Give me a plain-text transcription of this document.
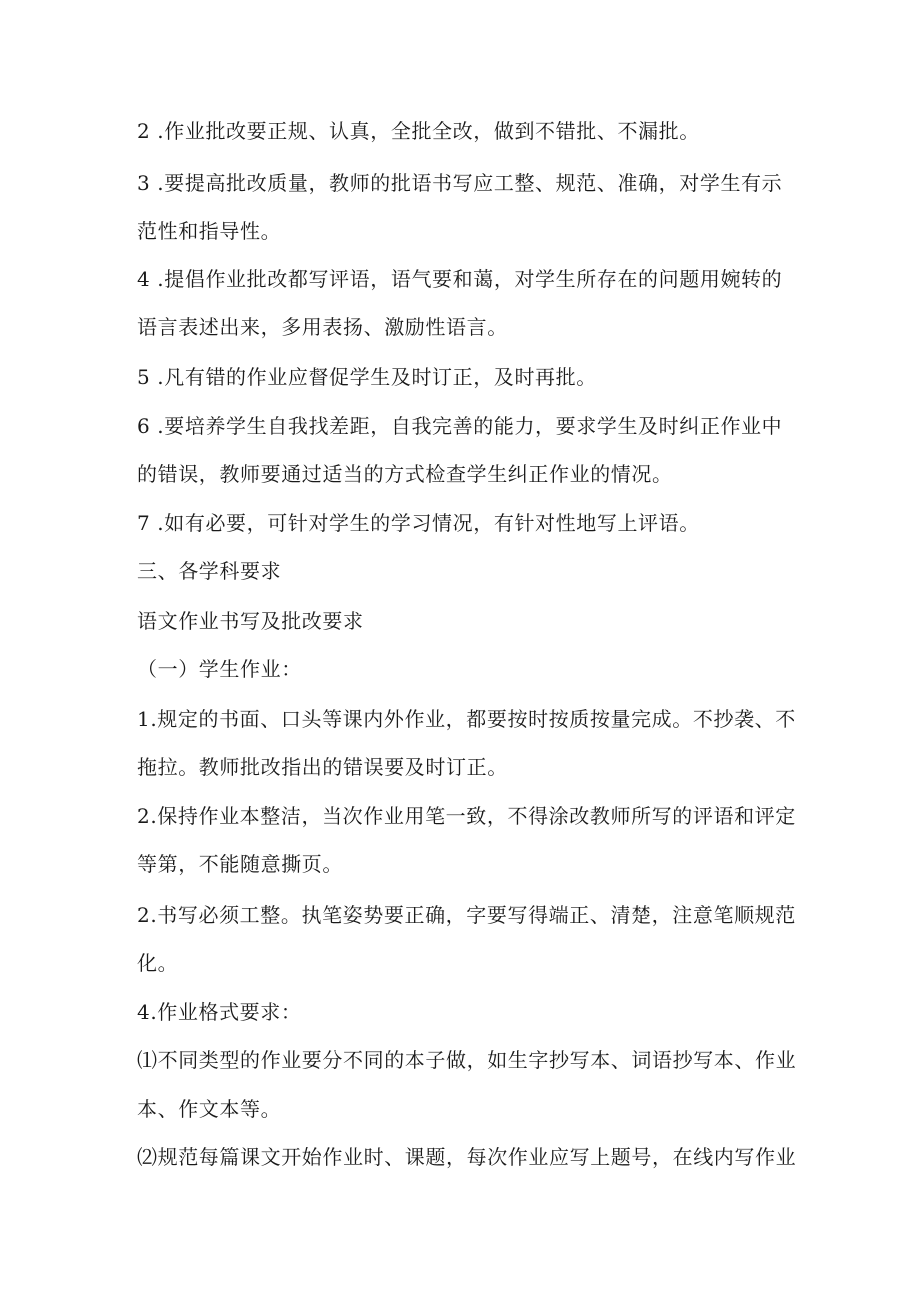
2 .作业批改要正规、认真，全批全改，做到不错批、不漏批。
3 .要提高批改质量，教师的批语书写应工整、规范、准确，对学生有示
范性和指导性。
4 .提倡作业批改都写评语，语气要和蔼，对学生所存在的问题用婉转的
语言表述出来，多用表扬、激励性语言。
5 .凡有错的作业应督促学生及时订正，及时再批。
6 .要培养学生自我找差距，自我完善的能力，要求学生及时纠正作业中
的错误，教师要通过适当的方式检查学生纠正作业的情况。
7 .如有必要，可针对学生的学习情况，有针对性地写上评语。
三、各学科要求
语文作业书写及批改要求
（一）学生作业：
1.规定的书面、口头等课内外作业，都要按时按质按量完成。不抄袭、不
拖拉。教师批改指出的错误要及时订正。
2.保持作业本整洁，当次作业用笔一致，不得涂改教师所写的评语和评定
等第，不能随意撕页。
2.书写必须工整。执笔姿势要正确，字要写得端正、清楚，注意笔顺规范
化。
4.作业格式要求：
⑴不同类型的作业要分不同的本子做，如生字抄写本、词语抄写本、作业
本、作文本等。
⑵规范每篇课文开始作业时、课题，每次作业应写上题号，在线内写作业
